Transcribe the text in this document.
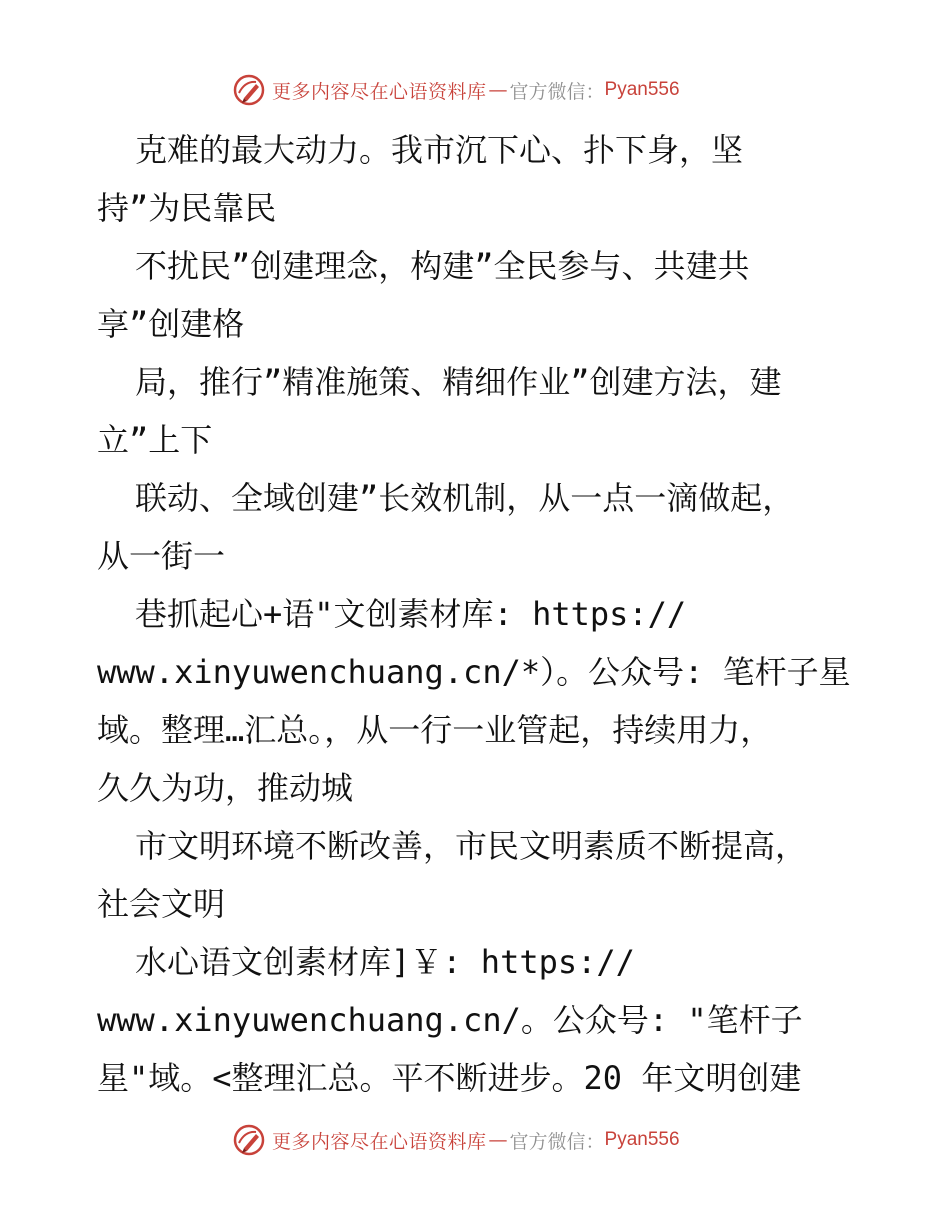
更多内容尽在心语资料库 — 官方微信： Pyan556
克难的最大动力。我市沉下心、扑下身，坚
持”为民靠民
不扰民”创建理念，构建”全民参与、共建共
享”创建格
局，推行”精准施策、精细作业”创建方法，建
立”上下
联动、全域创建”长效机制，从一点一滴做起，
从一街一
巷抓起心+语"文创素材库: https://
www.xinyuwenchuang.cn/*）。公众号: 笔杆子星
域。整理…汇总。，从一行一业管起，持续用力，
久久为功，推动城
市文明环境不断改善，市民文明素质不断提高，
社会文明
水心语文创素材库]￥: https://
www.xinyuwenchuang.cn/。公众号: "笔杆子
星"域。<整理汇总。平不断进步。20 年文明创建
更多内容尽在心语资料库 — 官方微信： Pyan556
